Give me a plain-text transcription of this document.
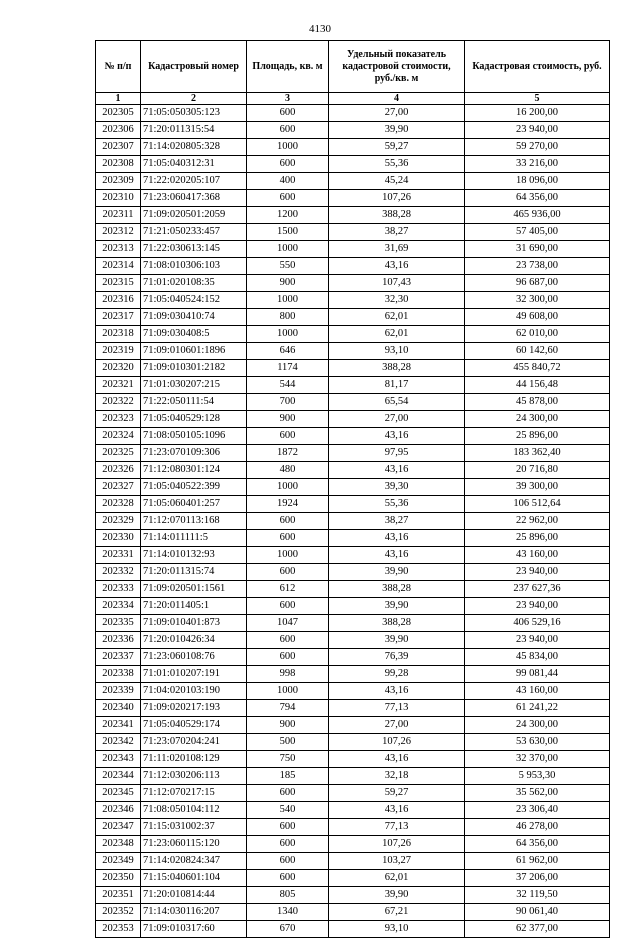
4130
№ п/п	Кадастровый номер	Площадь, кв. м	Удельный показатель кадастровой стоимости, руб./кв. м	Кадастровая стоимость, руб.
1	2	3	4	5
202305	71:05:050305:123	600	27,00	16 200,00
202306	71:20:011315:54	600	39,90	23 940,00
202307	71:14:020805:328	1000	59,27	59 270,00
202308	71:05:040312:31	600	55,36	33 216,00
202309	71:22:020205:107	400	45,24	18 096,00
202310	71:23:060417:368	600	107,26	64 356,00
202311	71:09:020501:2059	1200	388,28	465 936,00
202312	71:21:050233:457	1500	38,27	57 405,00
202313	71:22:030613:145	1000	31,69	31 690,00
202314	71:08:010306:103	550	43,16	23 738,00
202315	71:01:020108:35	900	107,43	96 687,00
202316	71:05:040524:152	1000	32,30	32 300,00
202317	71:09:030410:74	800	62,01	49 608,00
202318	71:09:030408:5	1000	62,01	62 010,00
202319	71:09:010601:1896	646	93,10	60 142,60
202320	71:09:010301:2182	1174	388,28	455 840,72
202321	71:01:030207:215	544	81,17	44 156,48
202322	71:22:050111:54	700	65,54	45 878,00
202323	71:05:040529:128	900	27,00	24 300,00
202324	71:08:050105:1096	600	43,16	25 896,00
202325	71:23:070109:306	1872	97,95	183 362,40
202326	71:12:080301:124	480	43,16	20 716,80
202327	71:05:040522:399	1000	39,30	39 300,00
202328	71:05:060401:257	1924	55,36	106 512,64
202329	71:12:070113:168	600	38,27	22 962,00
202330	71:14:011111:5	600	43,16	25 896,00
202331	71:14:010132:93	1000	43,16	43 160,00
202332	71:20:011315:74	600	39,90	23 940,00
202333	71:09:020501:1561	612	388,28	237 627,36
202334	71:20:011405:1	600	39,90	23 940,00
202335	71:09:010401:873	1047	388,28	406 529,16
202336	71:20:010426:34	600	39,90	23 940,00
202337	71:23:060108:76	600	76,39	45 834,00
202338	71:01:010207:191	998	99,28	99 081,44
202339	71:04:020103:190	1000	43,16	43 160,00
202340	71:09:020217:193	794	77,13	61 241,22
202341	71:05:040529:174	900	27,00	24 300,00
202342	71:23:070204:241	500	107,26	53 630,00
202343	71:11:020108:129	750	43,16	32 370,00
202344	71:12:030206:113	185	32,18	5 953,30
202345	71:12:070217:15	600	59,27	35 562,00
202346	71:08:050104:112	540	43,16	23 306,40
202347	71:15:031002:37	600	77,13	46 278,00
202348	71:23:060115:120	600	107,26	64 356,00
202349	71:14:020824:347	600	103,27	61 962,00
202350	71:15:040601:104	600	62,01	37 206,00
202351	71:20:010814:44	805	39,90	32 119,50
202352	71:14:030116:207	1340	67,21	90 061,40
202353	71:09:010317:60	670	93,10	62 377,00
